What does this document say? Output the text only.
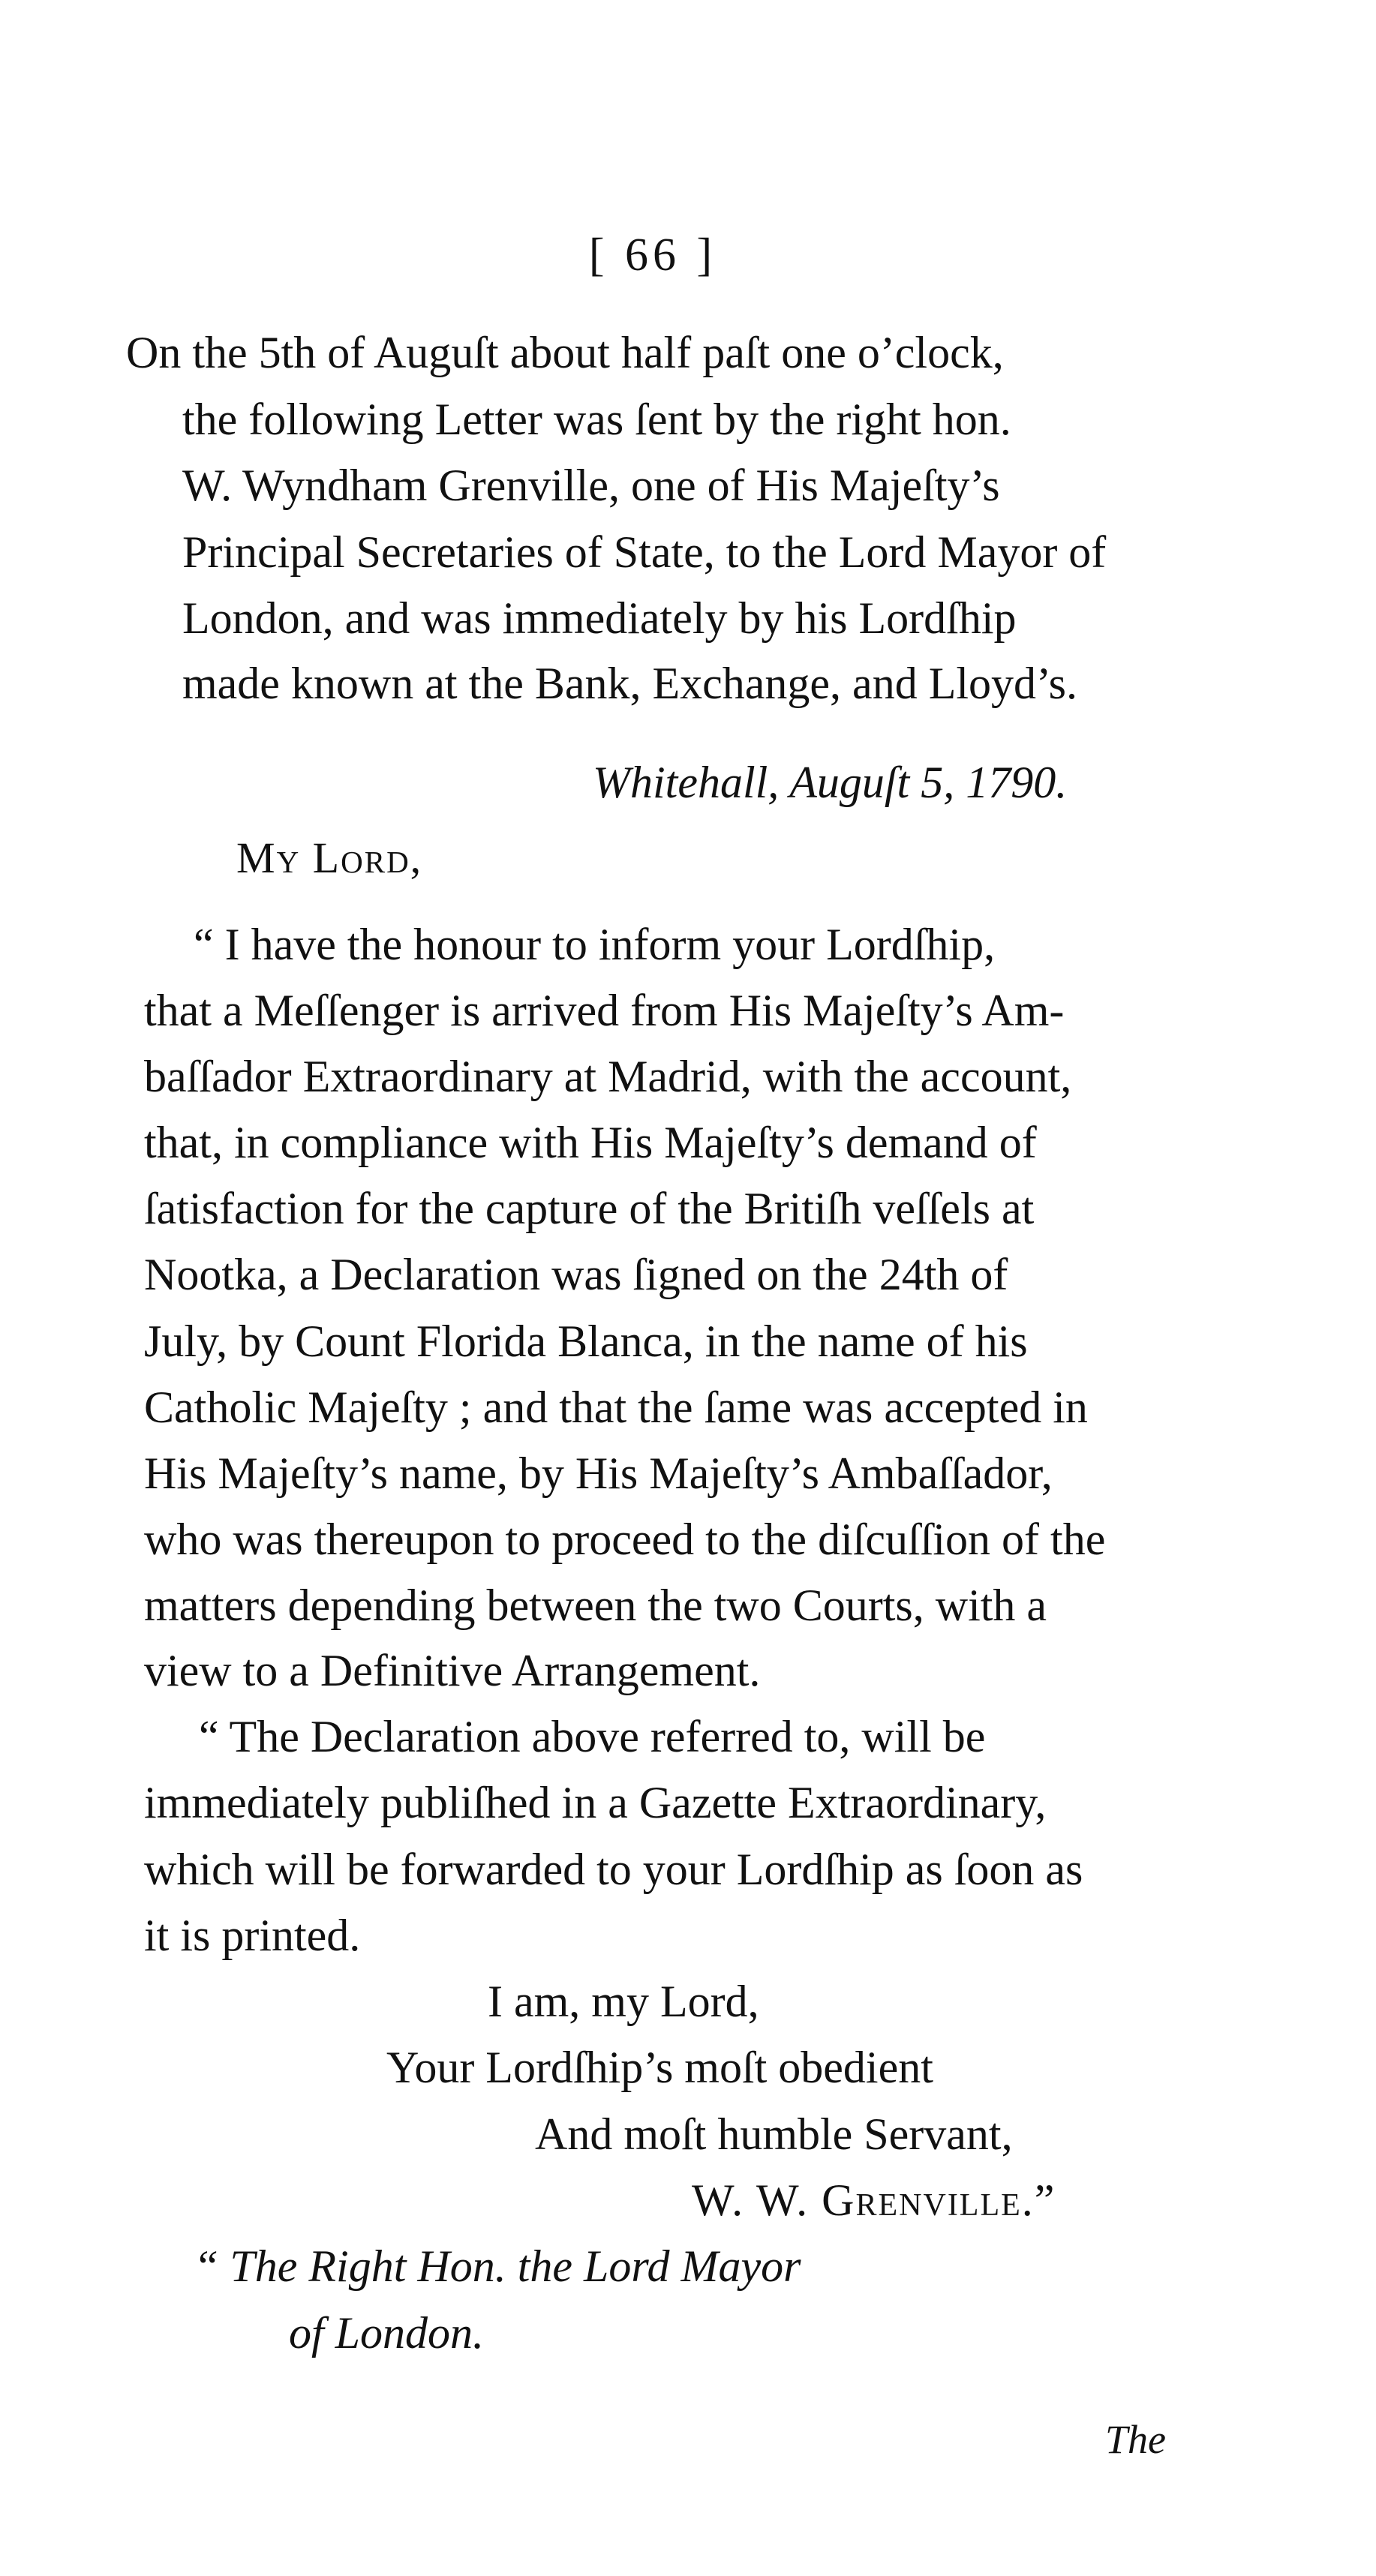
[ 66 ]
On the 5th of Auguſt about half paſt one o’clock,
the following Letter was ſent by the right hon.
W. Wyndham Grenville, one of His Majeſty’s
Principal Secretaries of State, to the Lord Mayor of
London, and was immediately by his Lordſhip
made known at the Bank, Exchange, and Lloyd’s.
Whitehall, Auguſt 5, 1790.
My Lord,
“ I have the honour to inform your Lordſhip,
that a Meſſenger is arrived from His Majeſty’s Am-
baſſador Extraordinary at Madrid, with the account,
that, in compliance with His Majeſty’s demand of
ſatisfaction for the capture of the Britiſh veſſels at
Nootka, a Declaration was ſigned on the 24th of
July, by Count Florida Blanca, in the name of his
Catholic Majeſty ; and that the ſame was accepted in
His Majeſty’s name, by His Majeſty’s Ambaſſador,
who was thereupon to proceed to the diſcuſſion of the
matters depending between the two Courts, with a
view to a Definitive Arrangement.
“ The Declaration above referred to, will be
immediately publiſhed in a Gazette Extraordinary,
which will be forwarded to your Lordſhip as ſoon as
it is printed.
I am, my Lord,
Your Lordſhip’s moſt obedient
And moſt humble Servant,
W. W. Grenville.”
“ The Right Hon. the Lord Mayor
of London.
The
